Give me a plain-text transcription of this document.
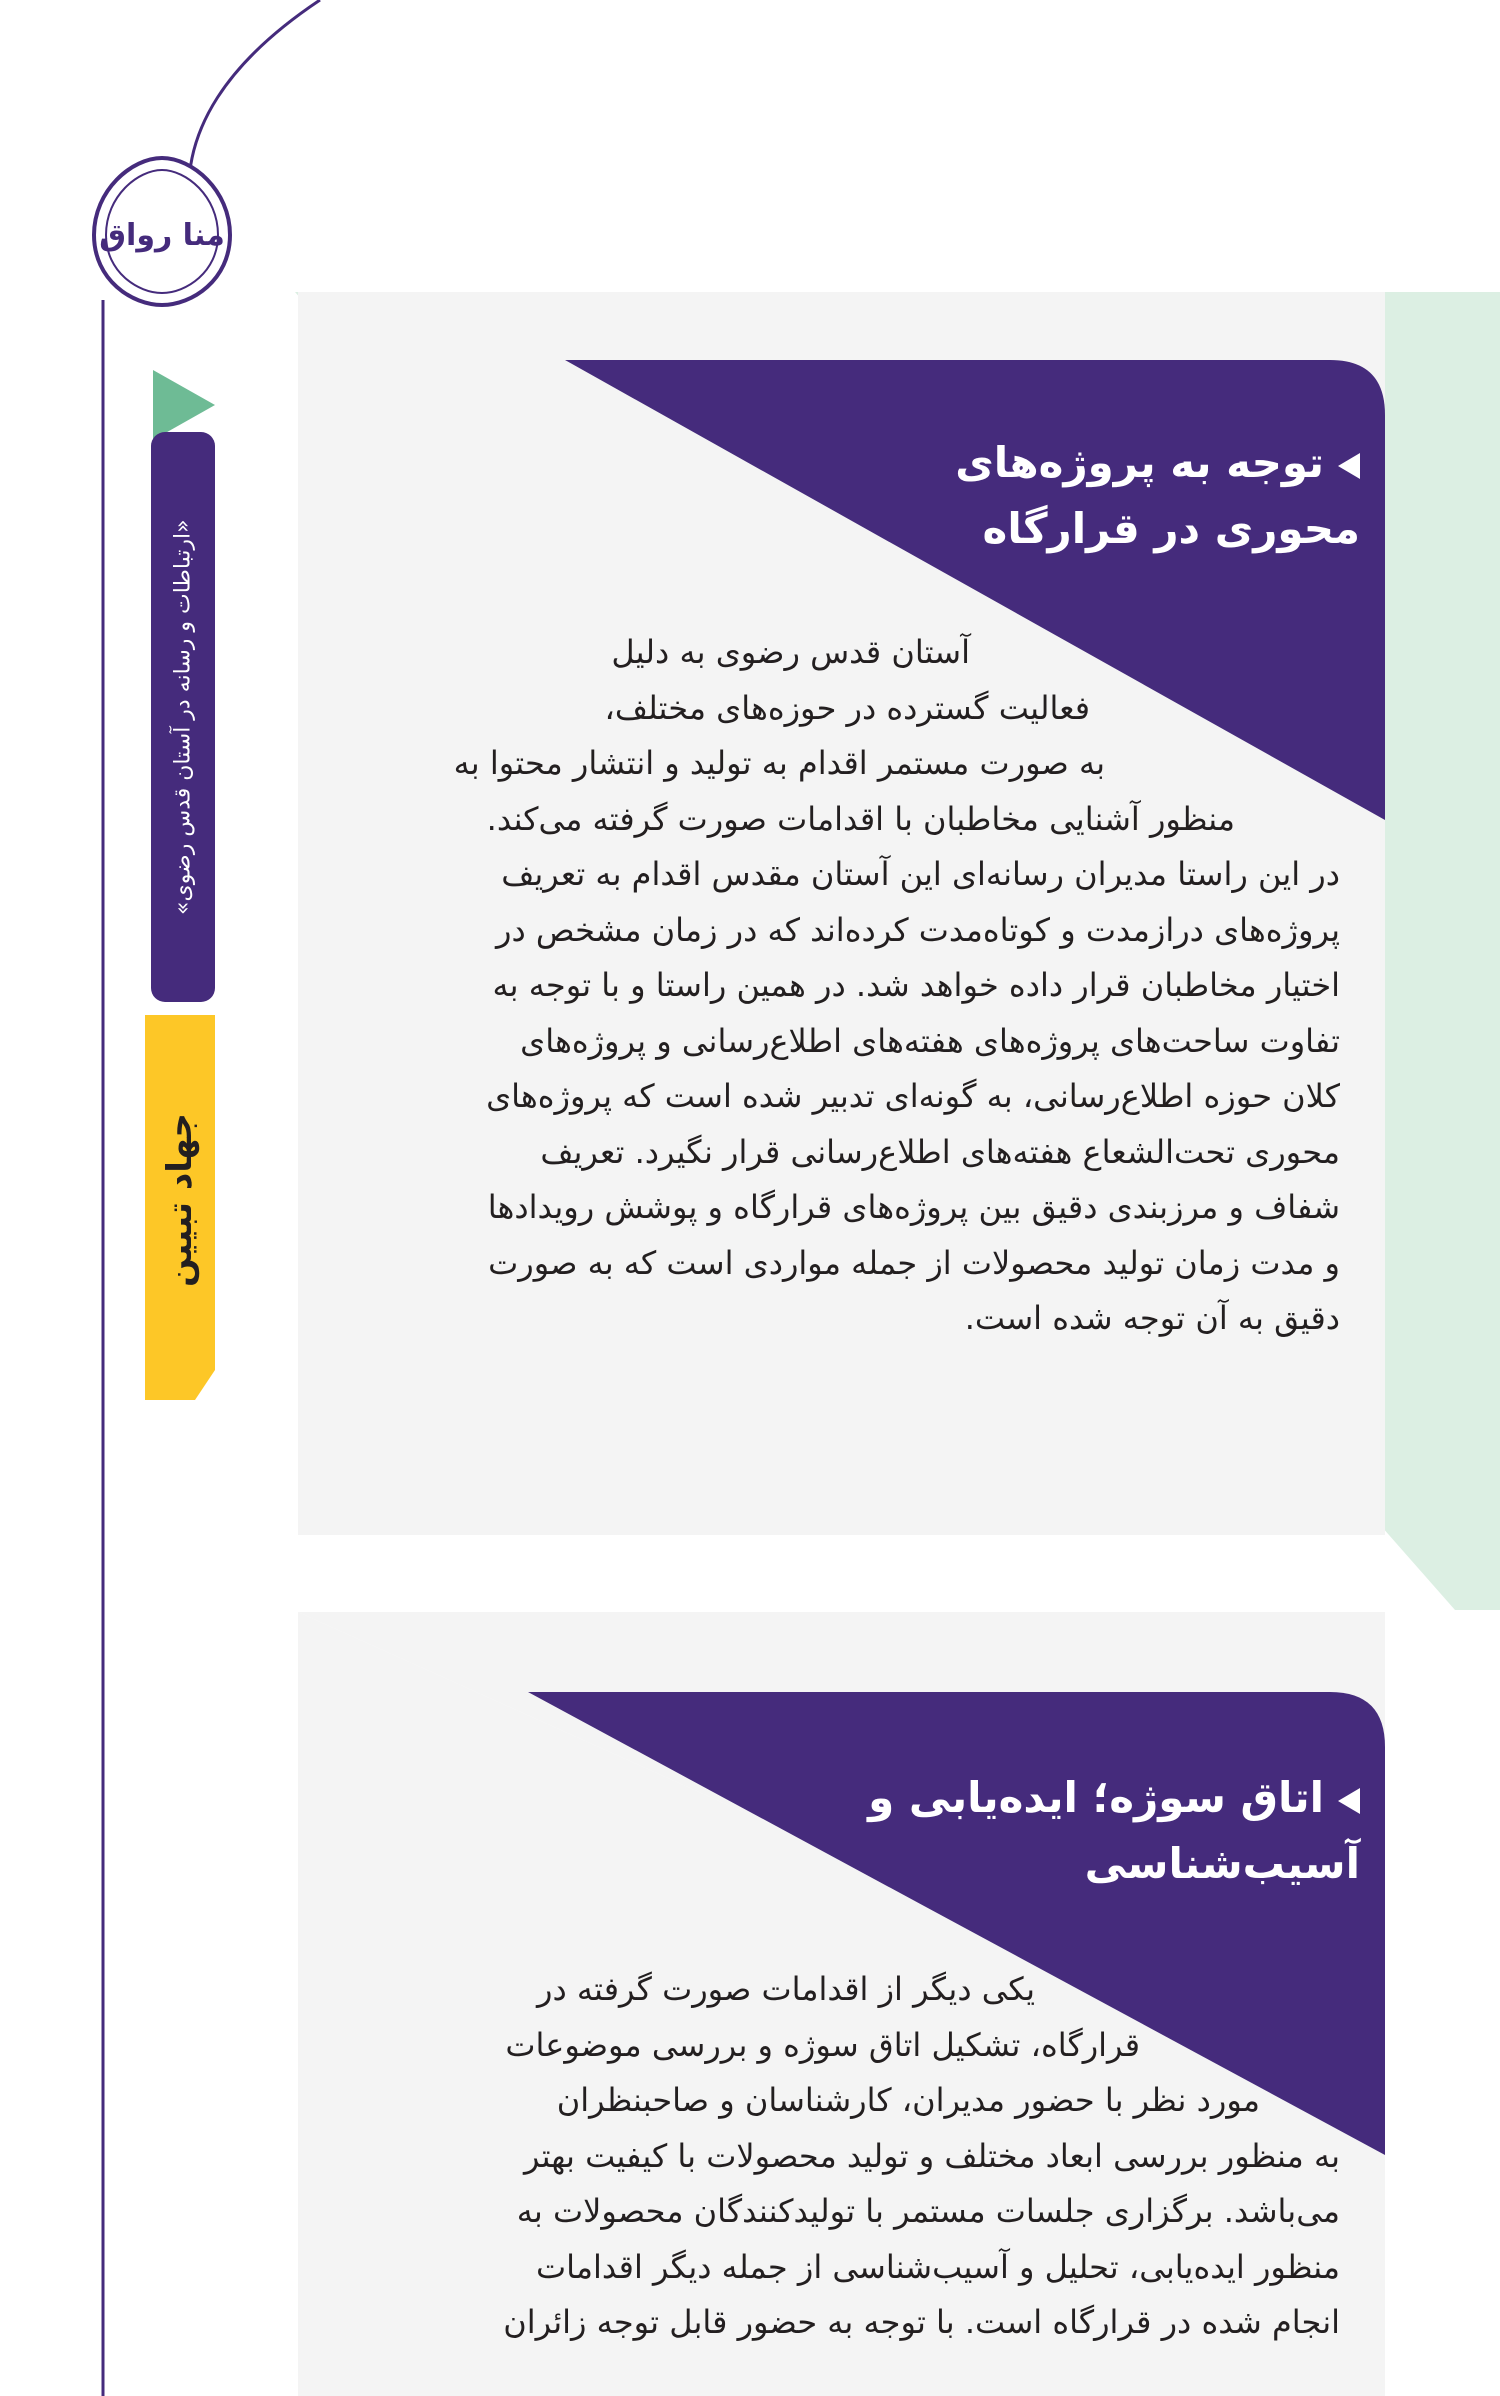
منا رواق
«ارتباطات و رسانه در آستان قدس رضوی»
جهاد تبیین

توجه به پروژه‌های

محوری در قرارگاه

آستان قدس رضوی به دلیل

فعالیت گسترده در حوزه‌های مختلف،

به صورت مستمر اقدام به تولید و انتشار محتوا به

منظور آشنایی مخاطبان با اقدامات صورت گرفته می‌کند.

در این راستا مدیران رسانه‌ای این آستان مقدس اقدام به تعریف

پروژه‌های درازمدت و کوتاه‌مدت کرده‌اند که در زمان مشخص در

اختیار مخاطبان قرار داده خواهد شد. در همین راستا و با توجه به

تفاوت ساحت‌های پروژه‌های هفته‌های اطلاع‌رسانی و پروژه‌های

کلان حوزه اطلاع‌رسانی، به گونه‌ای تدبیر شده است که پروژه‌های

محوری تحت‌الشعاع هفته‌های اطلاع‌رسانی قرار نگیرد. تعریف

شفاف و مرزبندی دقیق بین پروژه‌های قرارگاه و پوشش رویدادها

و مدت زمان تولید محصولات از جمله مواردی است که به صورت

دقیق به آن توجه شده است.

اتاق سوژه؛ ایده‌یابی و

آسیب‌شناسی

یکی دیگر از اقدامات صورت گرفته در

قرارگاه، تشکیل اتاق سوژه و بررسی موضوعات

مورد نظر با حضور مدیران، کارشناسان و صاحبنظران

به منظور بررسی ابعاد مختلف و تولید محصولات با کیفیت بهتر

می‌باشد. برگزاری جلسات مستمر با تولیدکنندگان محصولات به

منظور ایده‌یابی، تحلیل و آسیب‌شناسی از جمله دیگر اقدامات

انجام شده در قرارگاه است. با توجه به حضور قابل توجه زائران
